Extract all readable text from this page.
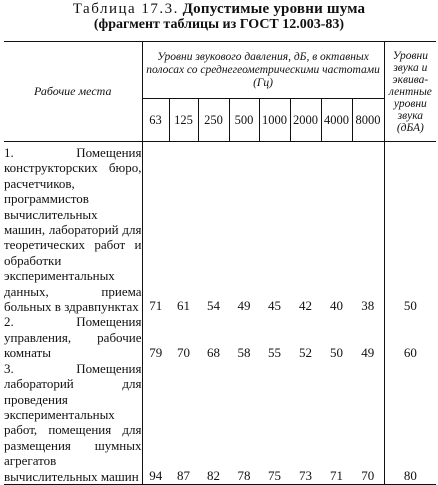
Таблица 17.3. Допустимые уровни шума
(фрагмент таблицы из ГОСТ 12.003-83)
Рабочие места	Уровни звукового давления, дБ, в октавных полосах со среднегеометрическими частотами (Гц)								Уровни звука и эквива-лентные уровни звука (дБА)
	63	125	250	500	1000	2000	4000	8000	
1. Помещения конструкторских бюро, расчетчиков, программистов вычислительных машин, лабораторий для теоретических работ и обработки экспериментальных данных, приема больных в здравпунктах	71	61	54	49	45	42	40	38	50
2. Помещения управления, рабочие комнаты	79	70	68	58	55	52	50	49	60
3. Помещения лабораторий для проведения экспериментальных работ, помещения для размещения шумных агрегатов вычислительных машин	94	87	82	78	75	73	71	70	80
